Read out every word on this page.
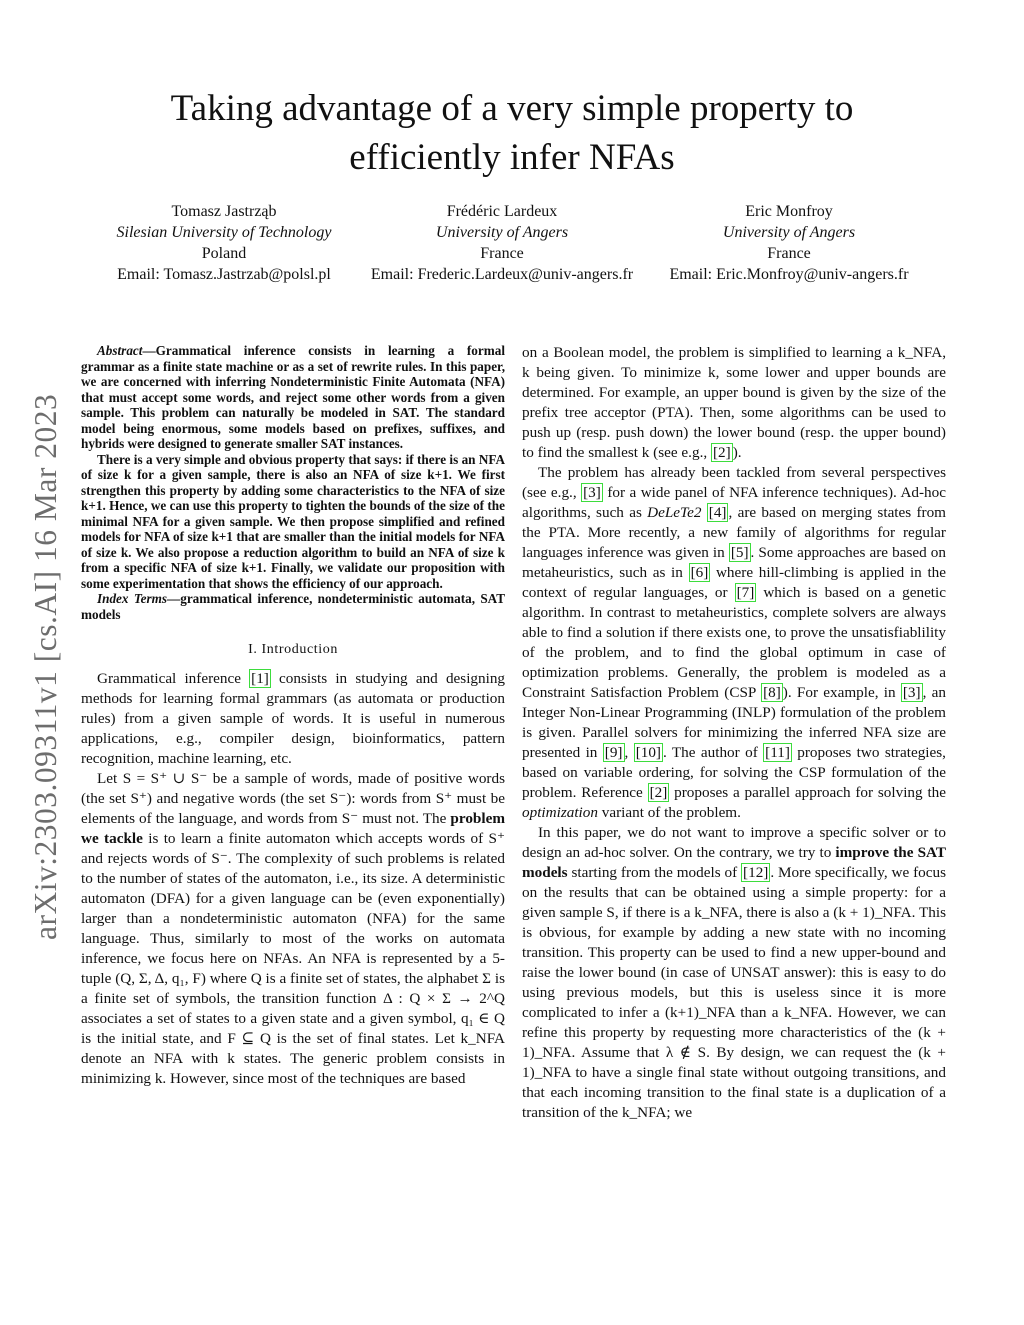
arXiv:2303.09311v1 [cs.AI] 16 Mar 2023
Taking advantage of a very simple property to
efficiently infer NFAs
Tomasz Jastrząb
Silesian University of Technology
Poland
Email: Tomasz.Jastrzab@polsl.pl
Frédéric Lardeux
University of Angers
France
Email: Frederic.Lardeux@univ-angers.fr
Eric Monfroy
University of Angers
France
Email: Eric.Monfroy@univ-angers.fr

Abstract—Grammatical inference consists in learning a formal grammar as a finite state machine or as a set of rewrite rules. In this paper, we are concerned with inferring Nondeterministic Finite Automata (NFA) that must accept some words, and reject some other words from a given sample. This problem can naturally be modeled in SAT. The standard model being enormous, some models based on prefixes, suffixes, and hybrids were designed to generate smaller SAT instances.

There is a very simple and obvious property that says: if there is an NFA of size k for a given sample, there is also an NFA of size k+1. We first strengthen this property by adding some characteristics to the NFA of size k+1. Hence, we can use this property to tighten the bounds of the size of the minimal NFA for a given sample. We then propose simplified and refined models for NFA of size k+1 that are smaller than the initial models for NFA of size k. We also propose a reduction algorithm to build an NFA of size k from a specific NFA of size k+1. Finally, we validate our proposition with some experimentation that shows the efficiency of our approach.

Index Terms—grammatical inference, nondeterministic automata, SAT models

I. Introduction

Grammatical inference [1] consists in studying and designing methods for learning formal grammars (as automata or production rules) from a given sample of words. It is useful in numerous applications, e.g., compiler design, bioinformatics, pattern recognition, machine learning, etc.

Let S = S⁺ ∪ S⁻ be a sample of words, made of positive words (the set S⁺) and negative words (the set S⁻): words from S⁺ must be elements of the language, and words from S⁻ must not. The problem we tackle is to learn a finite automaton which accepts words of S⁺ and rejects words of S⁻. The complexity of such problems is related to the number of states of the automaton, i.e., its size. A deterministic automaton (DFA) for a given language can be (even exponentially) larger than a nondeterministic automaton (NFA) for the same language. Thus, similarly to most of the works on automata inference, we focus here on NFAs. An NFA is represented by a 5-tuple (Q, Σ, Δ, q₁, F) where Q is a finite set of states, the alphabet Σ is a finite set of symbols, the transition function Δ : Q × Σ → 2^Q associates a set of states to a given state and a given symbol, q₁ ∈ Q is the initial state, and F ⊆ Q is the set of final states. Let k_NFA denote an NFA with k states. The generic problem consists in minimizing k. However, since most of the techniques are based

on a Boolean model, the problem is simplified to learning a k_NFA, k being given. To minimize k, some lower and upper bounds are determined. For example, an upper bound is given by the size of the prefix tree acceptor (PTA). Then, some algorithms can be used to push up (resp. push down) the lower bound (resp. the upper bound) to find the smallest k (see e.g., [2] ).

The problem has already been tackled from several perspectives (see e.g., [3] for a wide panel of NFA inference techniques). Ad-hoc algorithms, such as DeLeTe2 [4] , are based on merging states from the PTA. More recently, a new family of algorithms for regular languages inference was given in [5] . Some approaches are based on metaheuristics, such as in [6] where hill-climbing is applied in the context of regular languages, or [7] which is based on a genetic algorithm. In contrast to metaheuristics, complete solvers are always able to find a solution if there exists one, to prove the unsatisfiablility of the problem, and to find the global optimum in case of optimization problems. Generally, the problem is modeled as a Constraint Satisfaction Problem (CSP [8] ). For example, in [3] , an Integer Non-Linear Programming (INLP) formulation of the problem is given. Parallel solvers for minimizing the inferred NFA size are presented in [9] , [10] . The author of [11] proposes two strategies, based on variable ordering, for solving the CSP formulation of the problem. Reference [2] proposes a parallel approach for solving the optimization variant of the problem.

In this paper, we do not want to improve a specific solver or to design an ad-hoc solver. On the contrary, we try to improve the SAT models starting from the models of [12] . More specifically, we focus on the results that can be obtained using a simple property: for a given sample S, if there is a k_NFA, there is also a (k + 1)_NFA. This is obvious, for example by adding a new state with no incoming transition. This property can be used to find a new upper-bound and raise the lower bound (in case of UNSAT answer): this is easy to do using previous models, but this is useless since it is more complicated to infer a (k+1)_NFA than a k_NFA. However, we can refine this property by requesting more characteristics of the (k + 1)_NFA. Assume that λ ∉ S. By design, we can request the (k + 1)_NFA to have a single final state without outgoing transitions, and that each incoming transition to the final state is a duplication of a transition of the k_NFA; we
